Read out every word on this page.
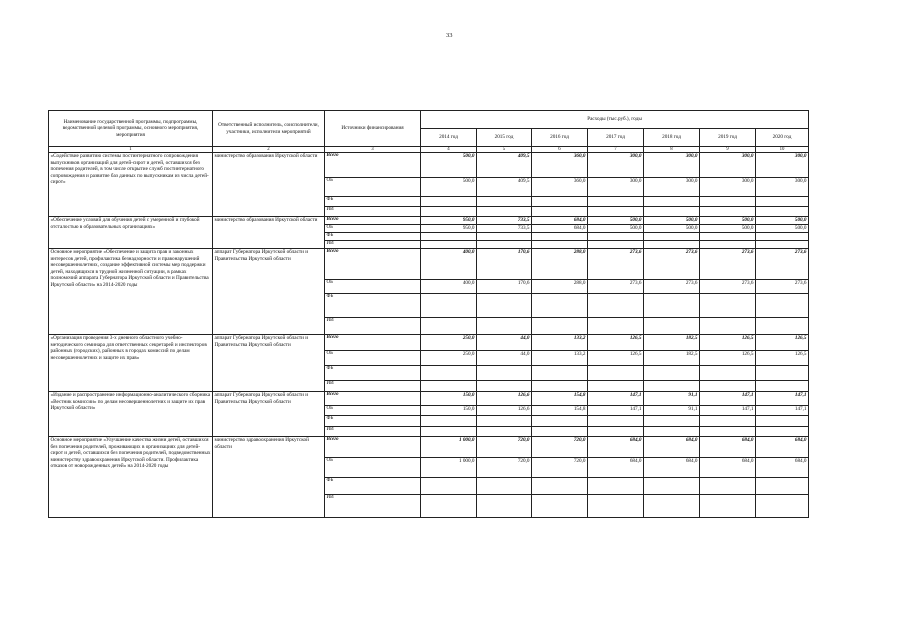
33
Наименование государственной программы, подпрограммы, ведомственной целевой программы, основного мероприятия, мероприятия	Ответственный исполнитель, соисполнители, участники, исполнители мероприятий	Источники финансирования	Расходы (тыс.руб.), годы						
			2014 год	2015 год	2016 год	2017 год	2018 год	2019 год	2020 год
1	2	3	4	5	6	7	8	9	10
«Содействие развитию системы постинтернатного сопровождения выпускников организаций для детей-сирот и детей, оставшихся без попечения родителей, в том числе открытие служб постинтернатного сопровождения и развитие баз данных по выпускникам из числа детей-сирот»	министерство образования Иркутской области	Всего	500,0	409,5	360,0	300,0	300,0	300,0	300,0
		ОБ	500,0	409,5	360,0	300,0	300,0	300,0	300,0
		ФБ							
		ИИ							
«Обеспечение условий для обучения детей с умеренной и глубокой отсталостью в образовательных организациях»	министерство образования Иркутской области	Всего	950,0	733,5	684,0	500,0	500,0	500,0	500,0
		ОБ	950,0	733,5	684,0	500,0	500,0	500,0	500,0
		ФБ							
		ИИ							
Основное мероприятие «Обеспечение и защита прав и законных интересов детей, профилактика безнадзорности и правонарушений несовершеннолетних, создание эффективной системы мер поддержки детей, находящихся в трудной жизненной ситуации, в рамках полномочий аппарата Губернатора Иркутской области и Правительства Иркутской области» на 2014-2020 годы	аппарат Губернатора Иркутской области и Правительства Иркутской области	Всего	400,0	170,6	288,0	273,6	273,6	273,6	273,6
		ОБ	400,0	170,6	288,0	273,6	273,6	273,6	273,6
		ФБ							
		ИИ							
«Организация проведения 3-х дневного областного учебно-методического семинара для ответственных секретарей и инспекторов районных (городских), районных в городах комиссий по делам несовершеннолетних и защите их прав»	аппарат Губернатора Иркутской области и Правительства Иркутской области	Всего	250,0	44,0	133,2	126,5	182,5	126,5	126,5
		ОБ	250,0	44,0	133,2	126,5	182,5	126,5	126,5
		ФБ							
		ИИ							
«Издание и распространение информационно-аналитического сборника «Вестник комиссии» по делам несовершеннолетних и защите их прав Иркутской области»	аппарат Губернатора Иркутской области и Правительства Иркутской области	Всего	150,0	126,6	154,8	147,1	91,1	147,1	147,1
		ОБ	150,0	126,6	154,8	147,1	91,1	147,1	147,1
		ФБ							
		ИИ							
Основное мероприятие «Улучшение качества жизни детей, оставшихся без попечения родителей, проживающих в организациях для детей-сирот и детей, оставшихся без попечения родителей, подведомственных министерству здравоохранения Иркутской области. Профилактика отказов от новорожденных детей» на 2014-2020 годы	министерство здравоохранения Иркутской области	Всего	1 000,0	720,0	720,0	684,0	684,0	684,0	684,0
		ОБ	1 000,0	720,0	720,0	684,0	684,0	684,0	684,0
		ФБ							
		ИИ							
